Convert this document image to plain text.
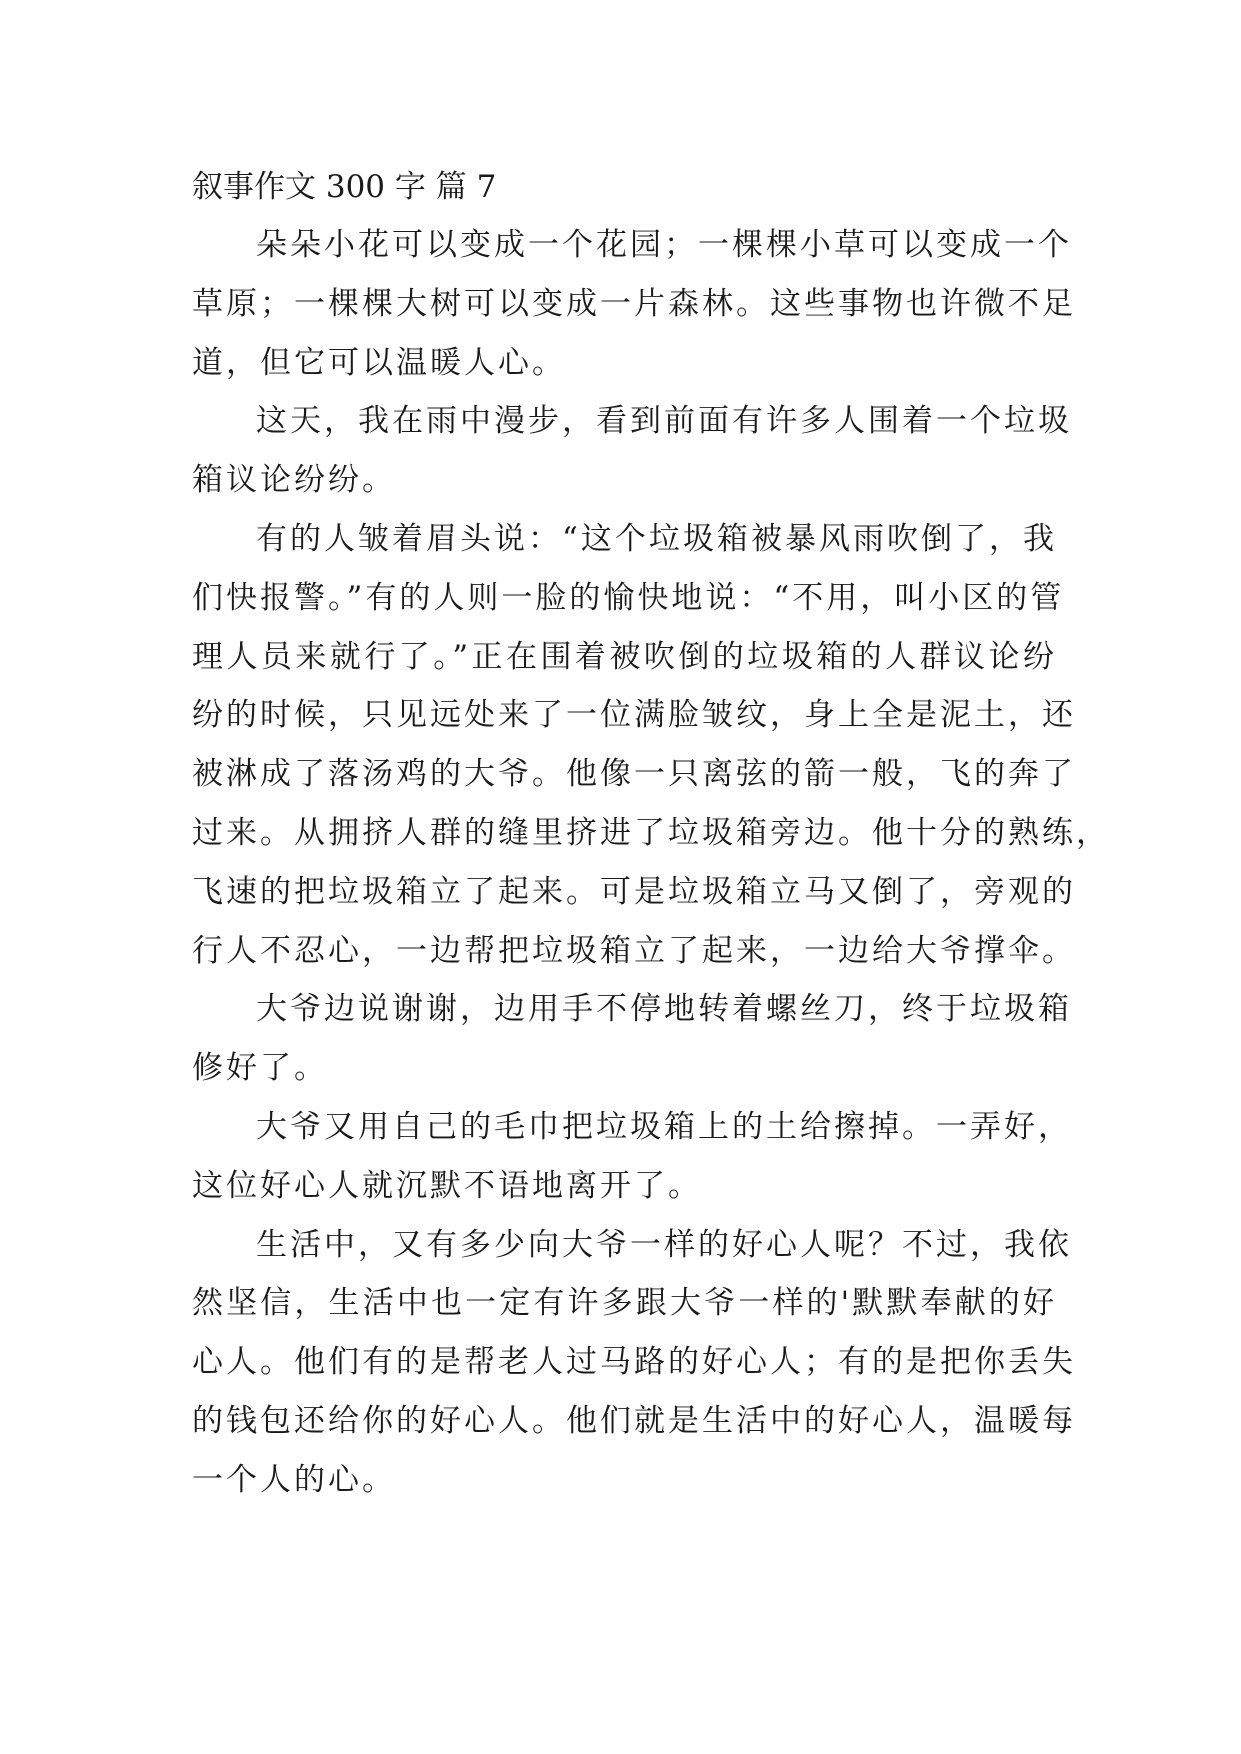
叙事作文 300 字 篇 7

朵朵小花可以变成一个花园；一棵棵小草可以变成一个
草原；一棵棵大树可以变成一片森林。这些事物也许微不足
道，但它可以温暖人心。

这天，我在雨中漫步，看到前面有许多人围着一个垃圾
箱议论纷纷。

有的人皱着眉头说：“这个垃圾箱被暴风雨吹倒了，我
们快报警。”有的人则一脸的愉快地说：“不用，叫小区的管
理人员来就行了。”正在围着被吹倒的垃圾箱的人群议论纷
纷的时候，只见远处来了一位满脸皱纹，身上全是泥土，还
被淋成了落汤鸡的大爷。他像一只离弦的箭一般，飞的奔了
过来。从拥挤人群的缝里挤进了垃圾箱旁边。他十分的熟练，
飞速的把垃圾箱立了起来。可是垃圾箱立马又倒了，旁观的
行人不忍心，一边帮把垃圾箱立了起来，一边给大爷撑伞。

大爷边说谢谢，边用手不停地转着螺丝刀，终于垃圾箱
修好了。

大爷又用自己的毛巾把垃圾箱上的土给擦掉。一弄好，
这位好心人就沉默不语地离开了。

生活中，又有多少向大爷一样的好心人呢？不过，我依
然坚信，生活中也一定有许多跟大爷一样的'默默奉献的好
心人。他们有的是帮老人过马路的好心人；有的是把你丢失
的钱包还给你的好心人。他们就是生活中的好心人，温暖每
一个人的心。
